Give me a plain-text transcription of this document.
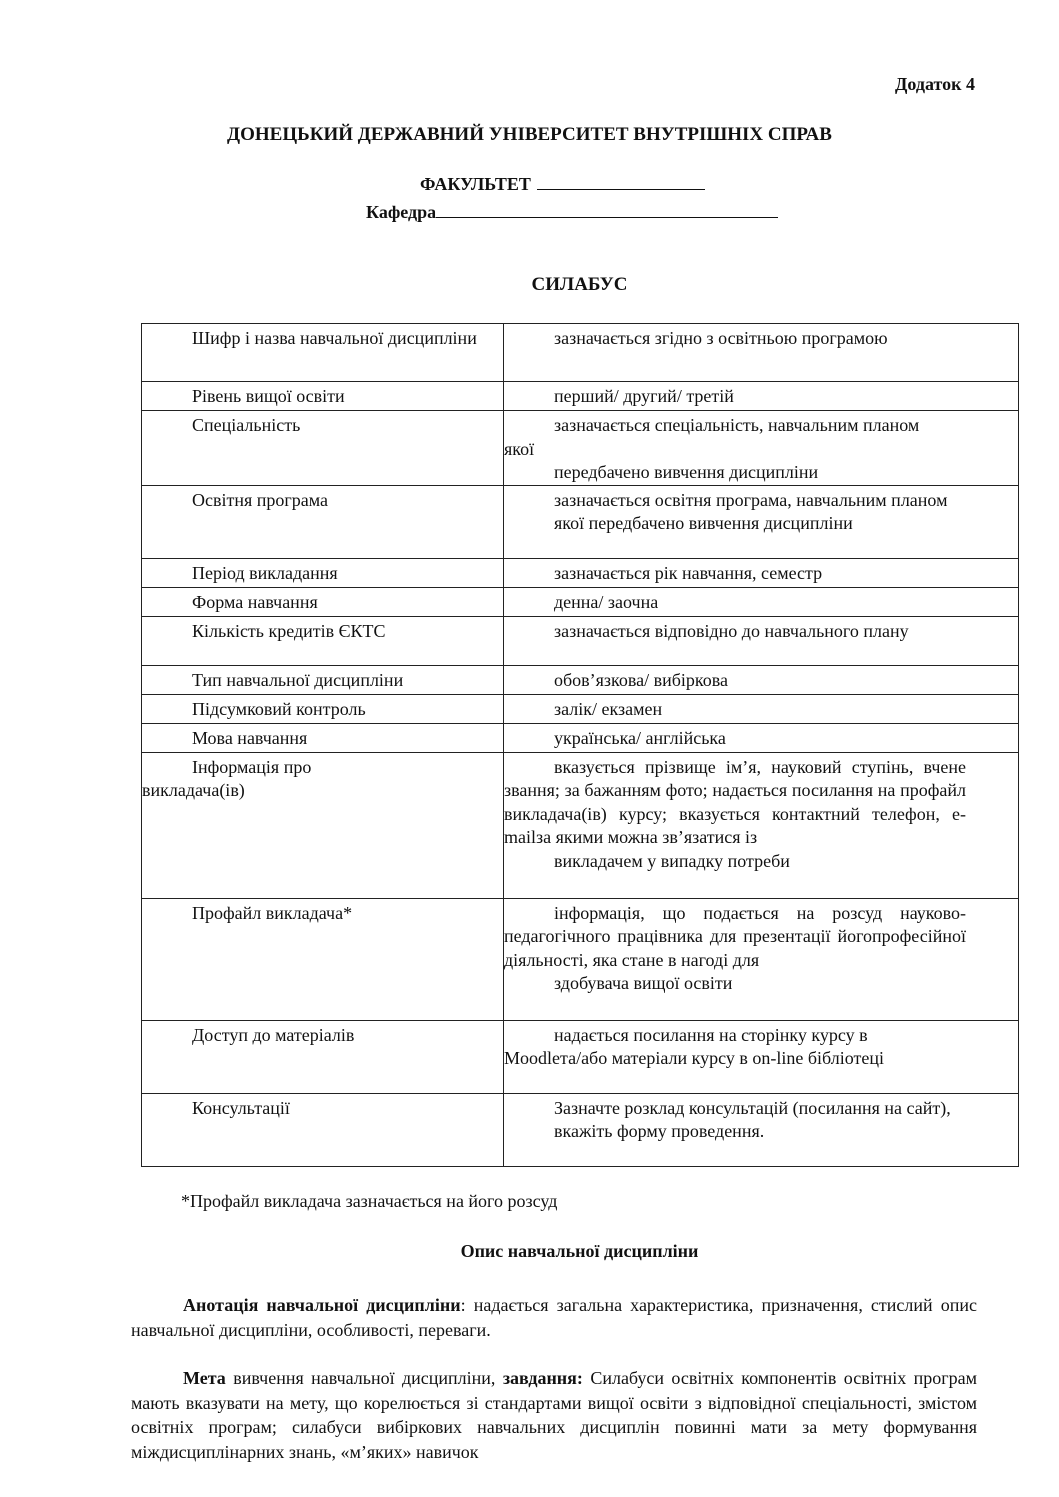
Додаток 4
ДОНЕЦЬКИЙ ДЕРЖАВНИЙ УНІВЕРСИТЕТ ВНУТРІШНІХ СПРАВ
ФАКУЛЬТЕТ
Кафедра
СИЛАБУС
Шифр і назва навчальної дисципліни	зазначається згідно з освітньою програмою

Рівень вищої освіти	перший/ другий/ третій

Спеціальність	зазначається спеціальність, навчальним планом якої
передбачено вивчення дисципліни

Освітня програма	зазначається освітня програма, навчальним планом
якої передбачено вивчення дисципліни

Період викладання	зазначається рік навчання, семестр

Форма навчання	денна/ заочна

Кількість кредитів ЄКТС	зазначається відповідно до навчального плану

Тип навчальної дисципліни	обов’язкова/ вибіркова

Підсумковий контроль	залік/ екзамен

Мова навчання	українська/ англійська

Інформація про викладача(ів)	вказується прізвище ім’я, науковий ступінь, вчене звання; за бажанням фото; надається посилання на профайл викладача(ів) курсу; вказується контактний телефон, e-mailза якими можна зв’язатися із
викладачем у випадку потреби

Профайл викладача*	інформація, що подається на розсуд науково- педагогічного працівника для презентації йогопрофесійної діяльності, яка стане в нагоді для
здобувача вищої освіти

Доступ до матеріалів	надається посилання на сторінку курсу в
Moodleта/або матеріали курсу в on-line бібліотеці

Консультації	Зазначте розклад консультацій (посилання на сайт),
вкажіть форму проведення.
*Профайл викладача зазначається на його розсуд
Опис навчальної дисципліни
Анотація навчальної дисципліни: надається загальна характеристика, призначення, стислий опис навчальної дисципліни, особливості, переваги.
Мета вивчення навчальної дисципліни, завдання: Силабуси освітніх компонентів освітніх програм мають вказувати на мету, що корелюється зі стандартами вищої освіти з відповідної спеціальності, змістом освітніх програм; силабуси вибіркових навчальних дисциплін повинні мати за мету формування міждисциплінарних знань, «м’яких» навичок
